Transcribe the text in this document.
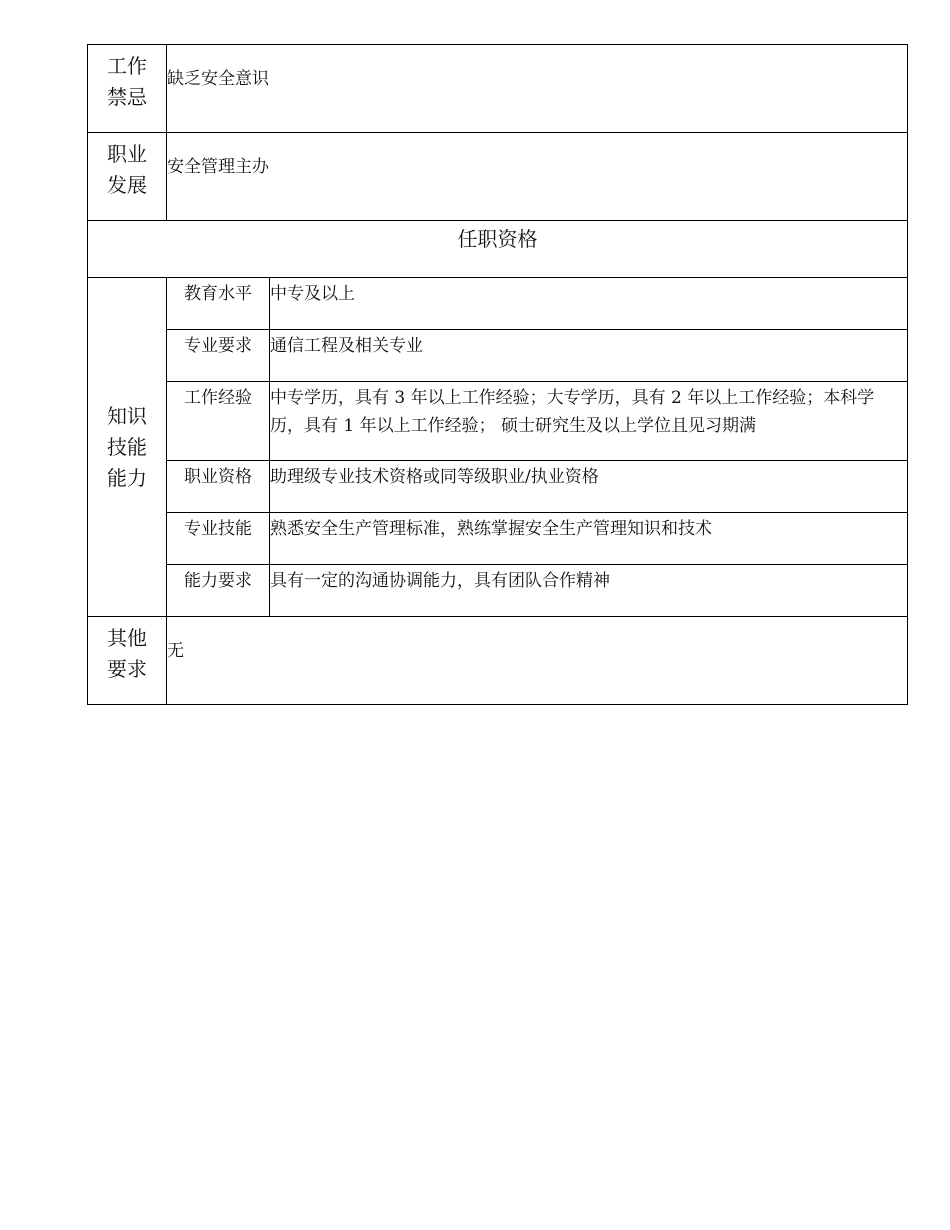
工作
禁忌	缺乏安全意识	
职业
发展	安全管理主办	
任职资格		
知识
技能
能力	教育水平	中专及以上
	专业要求	通信工程及相关专业
	工作经验	中专学历，具有 3 年以上工作经验；大专学历，具有 2 年以上工作经验；本科学历，具有 1 年以上工作经验； 硕士研究生及以上学位且见习期满
	职业资格	助理级专业技术资格或同等级职业/执业资格
	专业技能	熟悉安全生产管理标准，熟练掌握安全生产管理知识和技术
	能力要求	具有一定的沟通协调能力，具有团队合作精神
其他
要求	无	
